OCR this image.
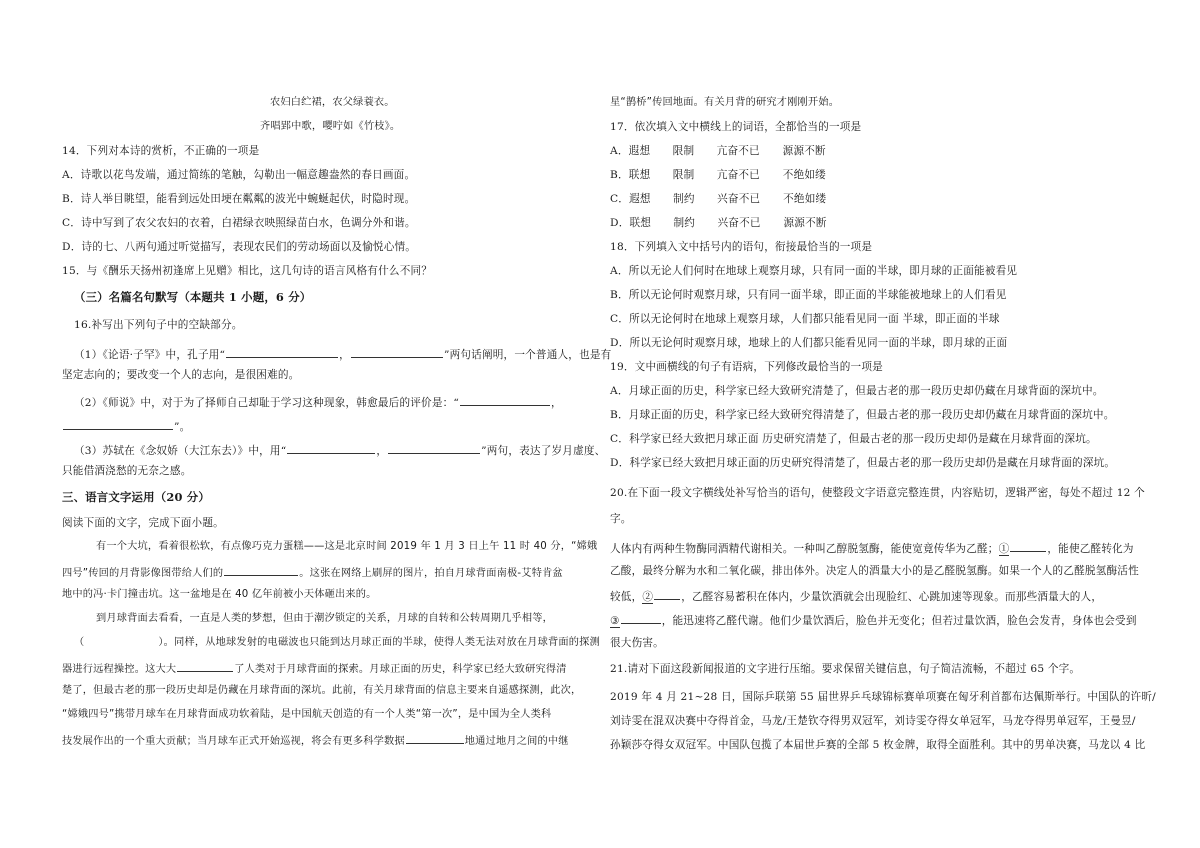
农妇白纻裙，农父绿蓑衣。
齐唱郢中歌，嘤咛如《竹枝》。
14．下列对本诗的赏析，不正确的一项是
A．诗歌以花鸟发端，通过简练的笔触，勾勒出一幅意趣盎然的春日画面。
B．诗人举目眺望，能看到远处田埂在粼粼的波光中蜿蜒起伏，时隐时现。
C．诗中写到了农父农妇的衣着，白裙绿衣映照绿苗白水，色调分外和谐。
D．诗的七、八两句通过听觉描写，表现农民们的劳动场面以及愉悦心情。
15．与《酬乐天扬州初逢席上见赠》相比，这几句诗的语言风格有什么不同？
（三）名篇名句默写（本题共 1 小题，6 分）
16.补写出下列句子中的空缺部分。
（1）《论语·子罕》中，孔子用“	，	”两句话阐明，一个普通人，也是有
坚定志向的；要改变一个人的志向，是很困难的。
（2）《师说》中，对于为了择师自己却耻于学习这种现象，韩愈最后的评价是：“	，
”。
（3）苏轼在《念奴娇（大江东去）》中，用“	，	”两句，表达了岁月虚度、
只能借酒浇愁的无奈之感。
三、语言文字运用（20 分）
阅读下面的文字，完成下面小题。
有一个大坑，看着很松软，有点像巧克力蛋糕——这是北京时间 2019 年 1 月 3 日上午 11 时 40 分，“嫦娥
四号”传回的月背影像图带给人们的	。这张在网络上刷屏的图片，拍自月球背面南极-艾特肯盆
地中的冯·卡门撞击坑。这一盆地是在 40 亿年前被小天体砸出来的。
到月球背面去看看，一直是人类的梦想，但由于潮汐锁定的关系，月球的自转和公转周期几乎相等，
（	）。同样，从地球发射的电磁波也只能到达月球正面的半球，使得人类无法对放在月球背面的探测
器进行远程操控。这大大	了人类对于月球背面的探索。月球正面的历史，科学家已经大致研究得清
楚了，但最古老的那一段历史却是仍藏在月球背面的深坑。此前，有关月球背面的信息主要来自遥感探测，此次，
“嫦娥四号”携带月球车在月球背面成功软着陆，是中国航天创造的有一个人类“第一次”，是中国为全人类科
技发展作出的一个重大贡献；当月球车正式开始巡视，将会有更多科学数据	地通过地月之间的中继
星“鹊桥”传回地面。有关月背的研究才刚刚开始。
17．依次填入文中横线上的词语，全都恰当的一项是
A．遐想 限制 亢奋不已 源源不断
B．联想 限制 亢奋不已 不绝如缕
C．遐想 制约 兴奋不已 不绝如缕
D．联想 制约 兴奋不已 源源不断
18．下列填入文中括号内的语句，衔接最恰当的一项是
A．所以无论人们何时在地球上观察月球，只有同一面的半球，即月球的正面能被看见
B．所以无论何时观察月球，只有同一面半球，即正面的半球能被地球上的人们看见
C．所以无论何时在地球上观察月球，人们都只能看见同一面 半球，即正面的半球
D．所以无论何时观察月球，地球上的人们都只能看见同一面的半球，即月球的正面
19．文中画横线的句子有语病，下列修改最恰当的一项是
A．月球正面的历史，科学家已经大致研究清楚了，但最古老的那一段历史却仍藏在月球背面的深坑中。
B．月球正面的历史，科学家已经大致研究得清楚了，但最古老的那一段历史却仍藏在月球背面的深坑中。
C．科学家已经大致把月球正面 历史研究清楚了，但最古老的那一段历史却仍是藏在月球背面的深坑。
D．科学家已经大致把月球正面的历史研究得清楚了，但最古老的那一段历史却仍是藏在月球背面的深坑。
20.在下面一段文字横线处补写恰当的语句，使整段文字语意完整连贯，内容贴切，逻辑严密，每处不超过 12 个
字。
人体内有两种生物酶同酒精代谢相关。一种叫乙醇脱氢酶，能使宽竟传华为乙醛；①	，能使乙醛转化为
乙酸，最终分解为水和二氧化碳，排出体外。决定人的酒量大小的是乙醛脱氢酶。如果一个人的乙醛脱氢酶活性
较低，②	，乙醛容易蓄积在体内，少量饮酒就会出现脸红、心跳加速等现象。而那些酒量大的人，
③	，能迅速将乙醛代谢。他们少量饮酒后，脸色并无变化；但若过量饮酒，脸色会发青，身体也会受到
很大伤害。
21.请对下面这段新闻报道的文字进行压缩。要求保留关键信息，句子简洁流畅，不超过 65 个字。
2019 年 4 月 21~28 日，国际乒联第 55 届世界乒乓球锦标赛单项赛在匈牙利首都布达佩斯举行。中国队的许昕/
刘诗雯在混双决赛中夺得首金，马龙/王楚钦夺得男双冠军，刘诗雯夺得女单冠军，马龙夺得男单冠军，王曼昱/
孙颖莎夺得女双冠军。中国队包揽了本届世乒赛的全部 5 枚金牌，取得全面胜利。其中的男单决赛，马龙以 4 比
